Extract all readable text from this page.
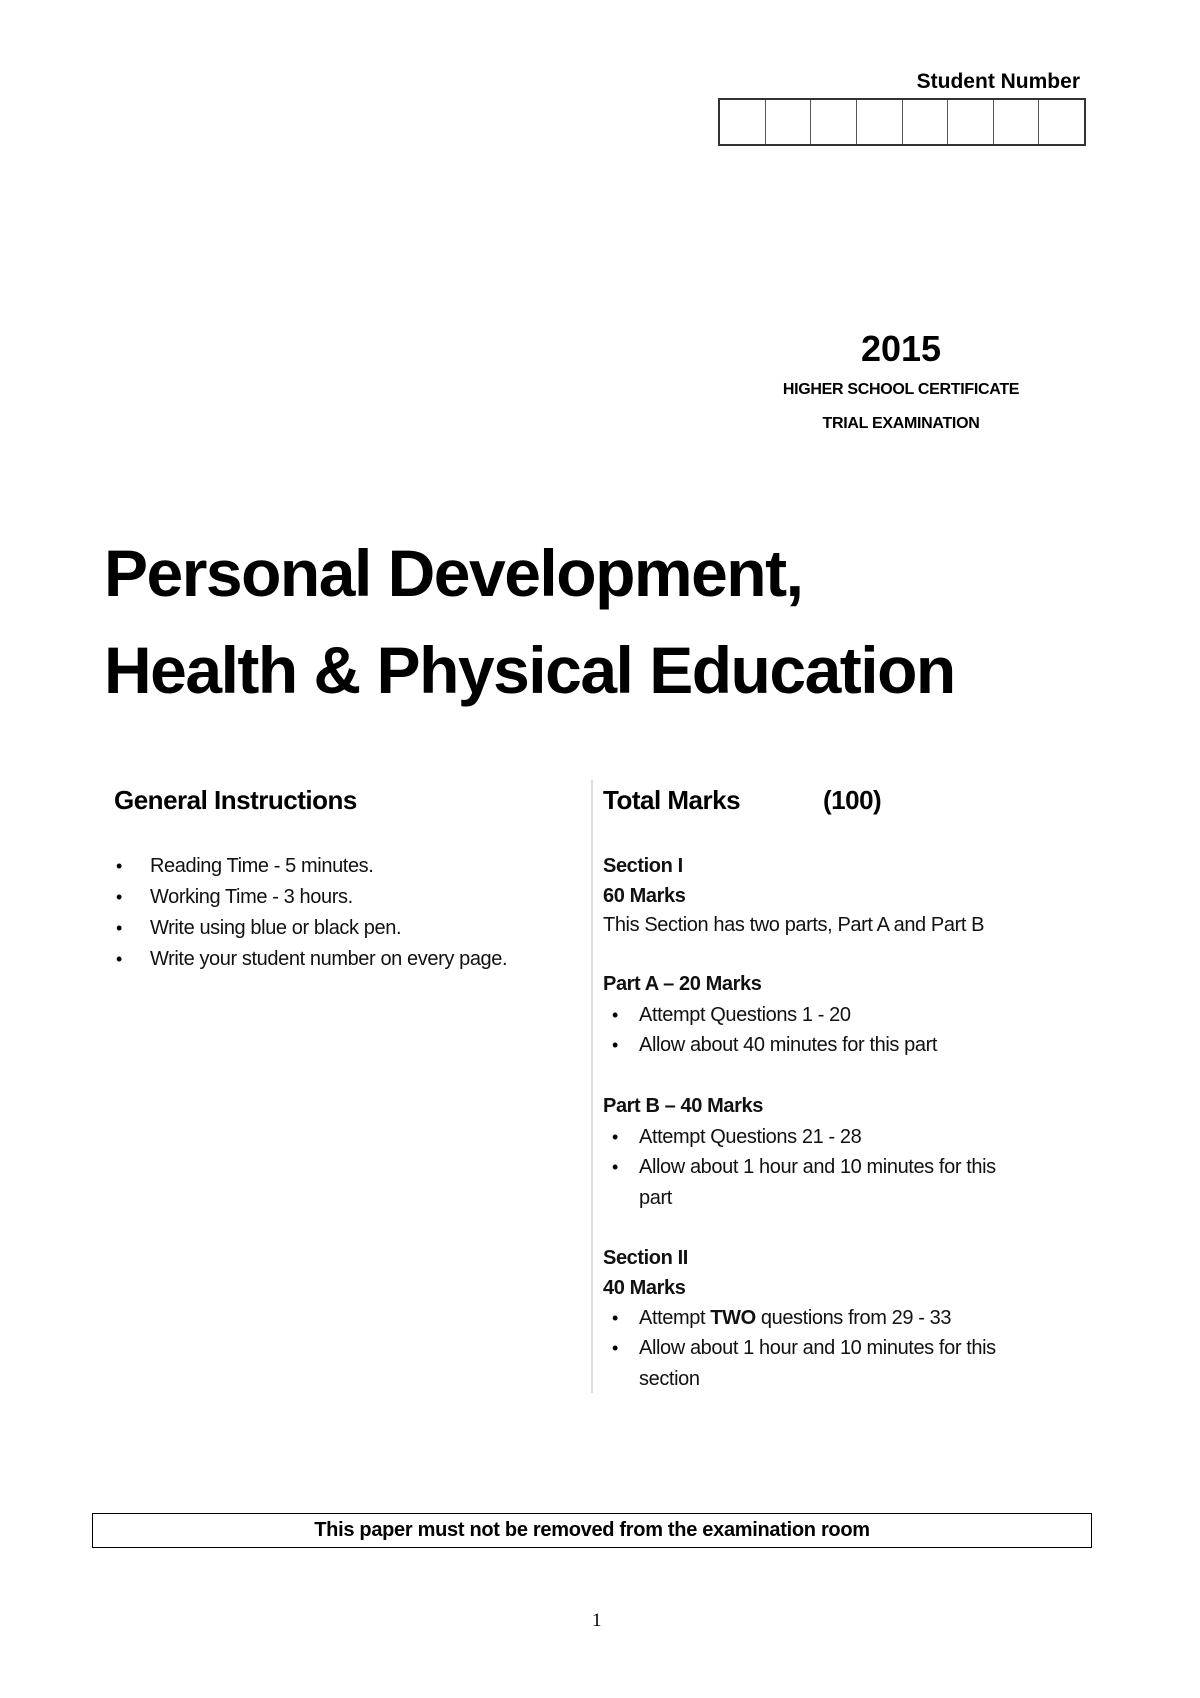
Student Number
2015
HIGHER SCHOOL CERTIFICATE
TRIAL EXAMINATION
Personal Development,
Health & Physical Education
General Instructions
• Reading Time - 5 minutes.
• Working Time - 3 hours.
• Write using blue or black pen.
• Write your student number on every page.
Total Marks	(100)
Section I
60 Marks
This Section has two parts, Part A and Part B
Part A – 20 Marks
• Attempt Questions 1 - 20
• Allow about 40 minutes for this part
Part B – 40 Marks
• Attempt Questions 21 - 28
• Allow about 1 hour and 10 minutes for this
part
Section II
40 Marks
• Attempt TWO questions from 29 - 33
• Allow about 1 hour and 10 minutes for this
section
This paper must not be removed from the examination room
1
